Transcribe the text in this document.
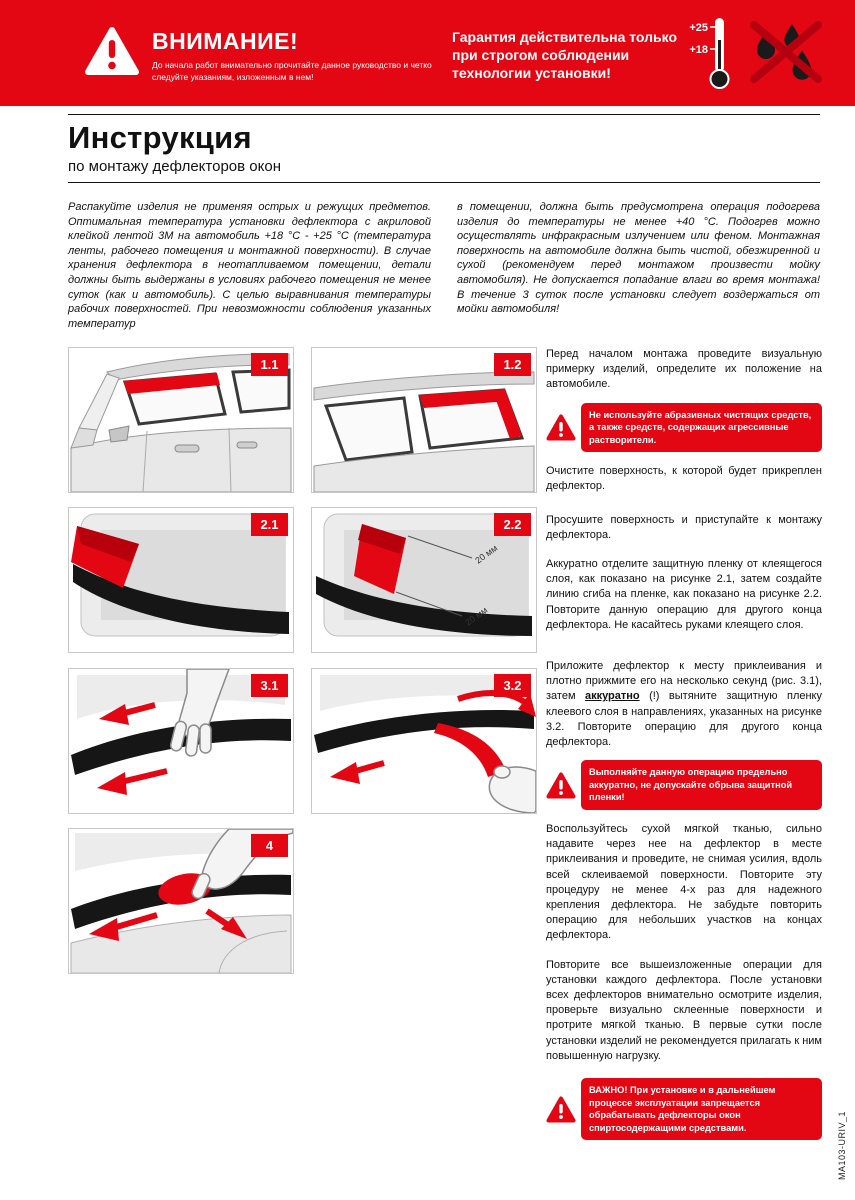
ВНИМАНИЕ!
До начала работ внимательно прочитайте данное руководство и четко следуйте указаниям, изложенным в нем!
Гарантия действительна только при строгом соблюдении технологии установки!
+25
+18
Инструкция
по монтажу дефлекторов окон

Распакуйте изделия не применяя острых и режущих предметов. Оптимальная температура установки дефлектора с акриловой клейкой лентой 3М на автомобиль +18 °С - +25 °С (температура ленты, рабочего помещения и монтажной поверхности). В случае хранения дефлектора в неотапливаемом помещении, детали должны быть выдержаны в условиях рабочего помещения не менее суток (как и автомобиль). С целью выравнивания температуры рабочих поверхностей. При невозможности соблюдения указанных температур

в помещении, должна быть предусмотрена операция подогрева изделия до температуры не менее +40 °С. Подогрев можно осуществлять инфракрасным излучением или феном. Монтажная поверхность на автомобиле должна быть чистой, обезжиренной и сухой (рекомендуем перед монтажом произвести мойку автомобиля). Не допускается попадание влаги во время монтажа! В течение 3 суток после установки следует воздержаться от мойки автомобиля!

1.1	1.2
2.1
20 мм
20 мм
2.2
3.1	3.2
4

Перед началом монтажа проведите визуальную примерку изделий, определите их положение на автомобиле.

Не используйте абразивных чистящих средств, а также средств, содержащих агрессивные растворители.

Очистите поверхность, к которой будет прикреплен дефлектор.

Просушите поверхность и приступайте к монтажу дефлектора.

Аккуратно отделите защитную пленку от клеящегося слоя, как показано на рисунке 2.1, затем создайте линию сгиба на пленке, как показано на рисунке 2.2. Повторите данную операцию для другого конца дефлектора. Не касайтесь руками клеящего слоя.

Приложите дефлектор к месту приклеивания и плотно прижмите его на несколько секунд (рис. 3.1), затем аккуратно (!) вытяните защитную пленку клеевого слоя в направлениях, указанных на рисунке 3.2. Повторите операцию для другого конца дефлектора.

Выполняйте данную операцию предельно аккуратно, не допускайте обрыва защитной пленки!

Воспользуйтесь сухой мягкой тканью, сильно надавите через нее на дефлектор в месте приклеивания и проведите, не снимая усилия, вдоль всей склеиваемой поверхности. Повторите эту процедуру не менее 4-х раз для надежного крепления дефлектора. Не забудьте повторить операцию для небольших участков на концах дефлектора.

Повторите все вышеизложенные операции для установки каждого дефлектора. После установки всех дефлекторов внимательно осмотрите изделия, проверьте визуально склеенные поверхности и протрите мягкой тканью. В первые сутки после установки изделий не рекомендуется прилагать к ним повышенную нагрузку.

ВАЖНО! При установке и в дальнейшем процессе эксплуатации запрещается обрабатывать дефлекторы окон спиртосодержащими средствами.	MA103-URIV_1
